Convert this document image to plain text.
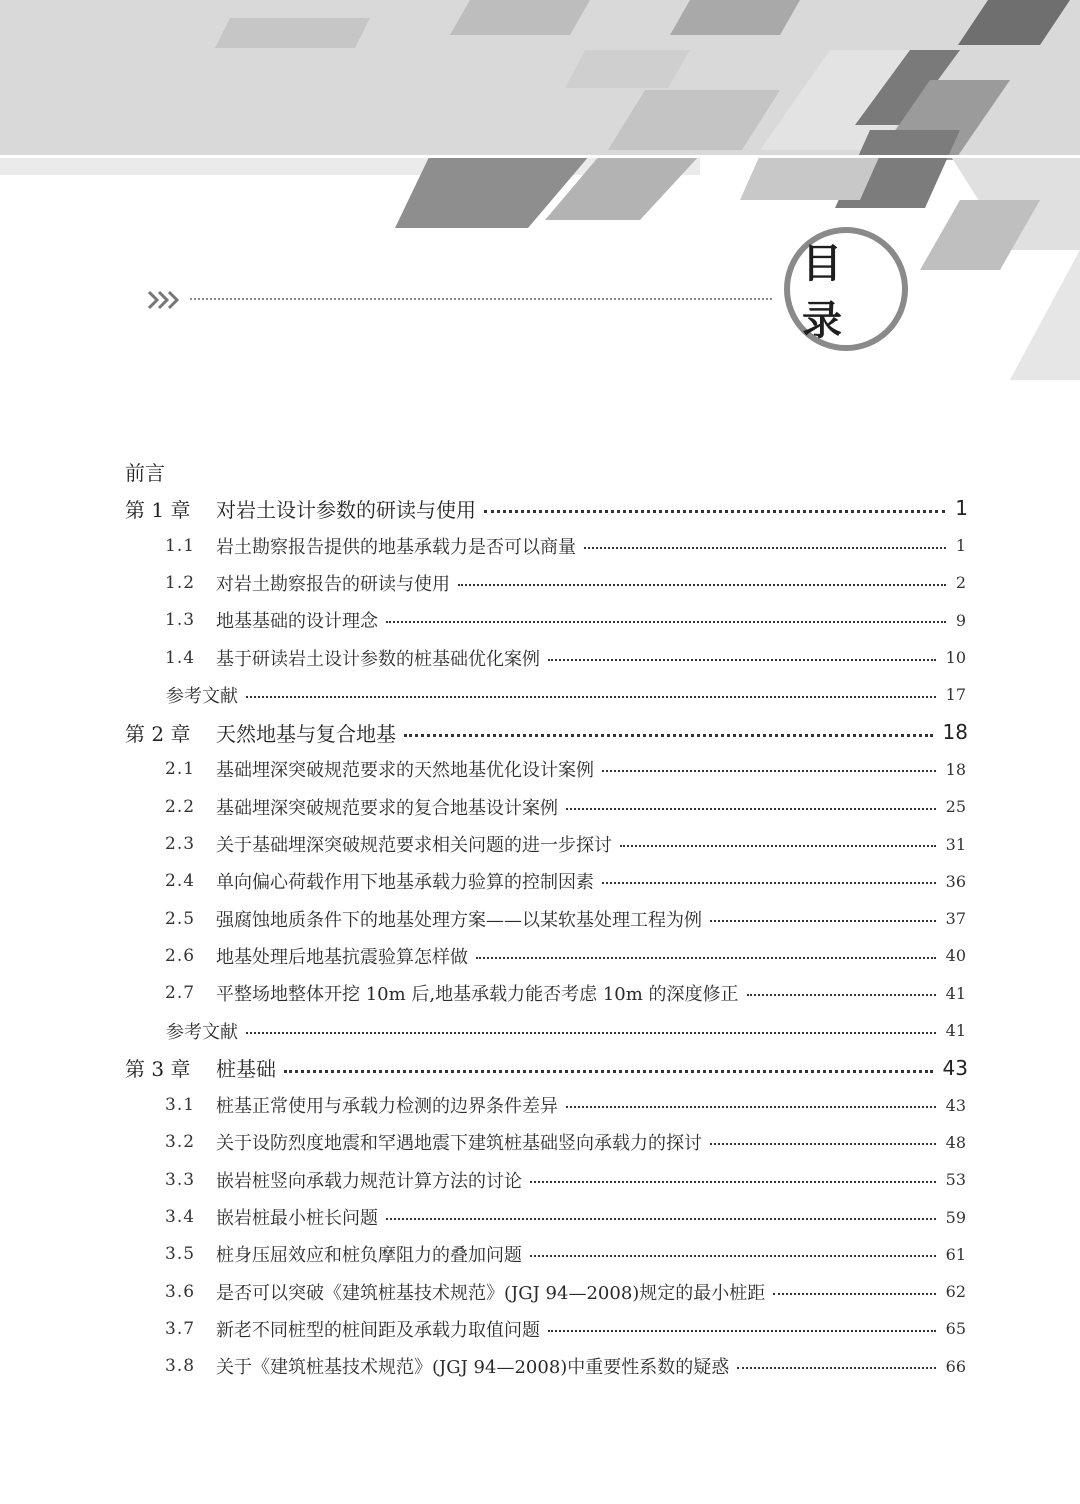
目 录
前言
第 1 章 对岩土设计参数的研读与使用	1
1.1 岩土勘察报告提供的地基承载力是否可以商量	1
1.2 对岩土勘察报告的研读与使用	2
1.3 地基基础的设计理念	9
1.4 基于研读岩土设计参数的桩基础优化案例	10
参考文献	17
第 2 章 天然地基与复合地基	18
2.1 基础埋深突破规范要求的天然地基优化设计案例	18
2.2 基础埋深突破规范要求的复合地基设计案例	25
2.3 关于基础埋深突破规范要求相关问题的进一步探讨	31
2.4 单向偏心荷载作用下地基承载力验算的控制因素	36
2.5 强腐蚀地质条件下的地基处理方案——以某软基处理工程为例	37
2.6 地基处理后地基抗震验算怎样做	40
2.7 平整场地整体开挖 10m 后,地基承载力能否考虑 10m 的深度修正	41
参考文献	41
第 3 章 桩基础	43
3.1 桩基正常使用与承载力检测的边界条件差异	43
3.2 关于设防烈度地震和罕遇地震下建筑桩基础竖向承载力的探讨	48
3.3 嵌岩桩竖向承载力规范计算方法的讨论	53
3.4 嵌岩桩最小桩长问题	59
3.5 桩身压屈效应和桩负摩阻力的叠加问题	61
3.6 是否可以突破《建筑桩基技术规范》(JGJ 94—2008)规定的最小桩距	62
3.7 新老不同桩型的桩间距及承载力取值问题	65
3.8 关于《建筑桩基技术规范》(JGJ 94—2008)中重要性系数的疑惑	66
